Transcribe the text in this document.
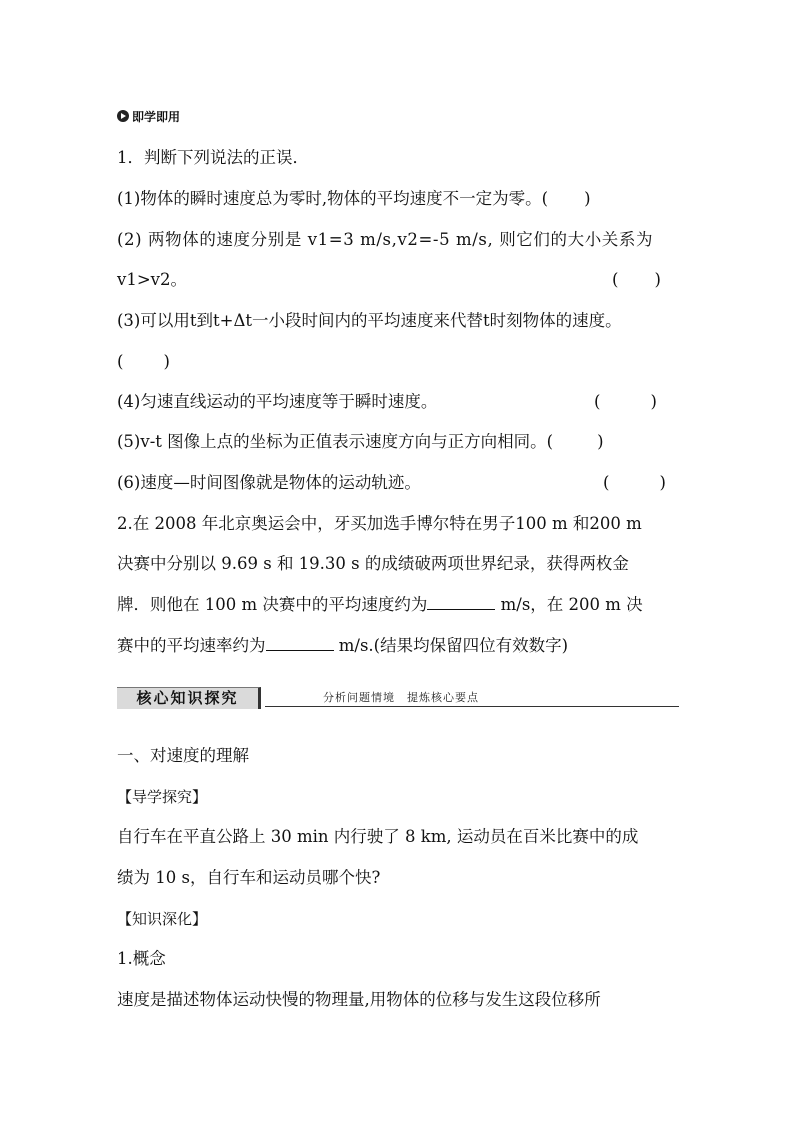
即学即用
1．判断下列说法的正误．
(1)物体的瞬时速度总为零时,物体的平均速度不一定为零。( )
(2) 两物体的速度分别是 v1=3 m/s,v2=-5 m/s, 则它们的大小关系为
v1>v2。	( )
(3)可以用t到t+Δt一小段时间内的平均速度来代替t时刻物体的速度。
( )
(4)匀速直线运动的平均速度等于瞬时速度。	(	)
(5)v-t 图像上点的坐标为正值表示速度方向与正方向相同。(	)
(6)速度—时间图像就是物体的运动轨迹。	(	)
2.在 2008 年北京奥运会中，牙买加选手博尔特在男子100 m 和200 m
决赛中分别以 9.69 s 和 19.30 s 的成绩破两项世界纪录，获得两枚金
牌．则他在 100 m 决赛中的平均速度约为	m/s，在 200 m 决
赛中的平均速率约为	m/s.(结果均保留四位有效数字)
核心知识探究	分析问题情境 提炼核心要点
一、对速度的理解
【导学探究】
自行车在平直公路上 30 min 内行驶了 8 km, 运动员在百米比赛中的成
绩为 10 s，自行车和运动员哪个快?
【知识深化】
1.概念
速度是描述物体运动快慢的物理量,用物体的位移与发生这段位移所
